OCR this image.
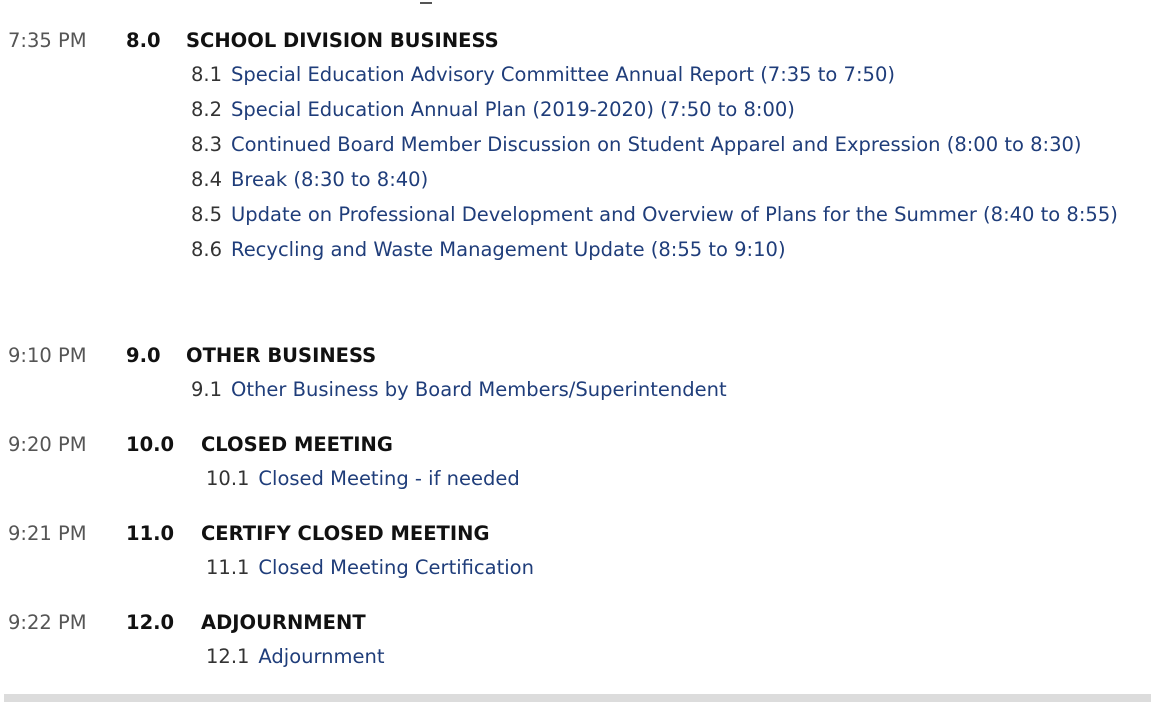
7:35 PM 8.0 SCHOOL DIVISION BUSINESS
8.1 Special Education Advisory Committee Annual Report (7:35 to 7:50)
8.2 Special Education Annual Plan (2019-2020) (7:50 to 8:00)
8.3 Continued Board Member Discussion on Student Apparel and Expression (8:00 to 8:30)
8.4 Break (8:30 to 8:40)
8.5 Update on Professional Development and Overview of Plans for the Summer (8:40 to 8:55)
8.6 Recycling and Waste Management Update (8:55 to 9:10)
9:10 PM 9.0 OTHER BUSINESS
9.1 Other Business by Board Members/Superintendent
9:20 PM 10.0 CLOSED MEETING
10.1 Closed Meeting - if needed
9:21 PM 11.0 CERTIFY CLOSED MEETING
11.1 Closed Meeting Certification
9:22 PM 12.0 ADJOURNMENT
12.1 Adjournment
